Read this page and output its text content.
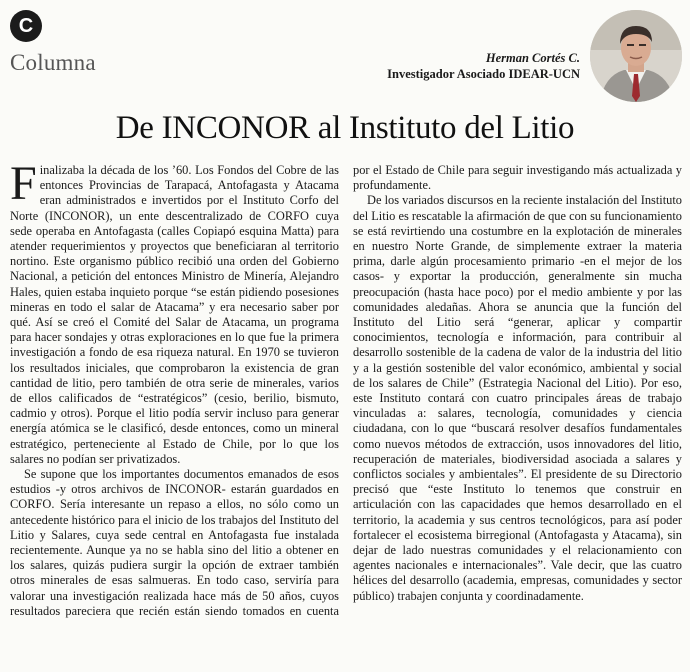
C
Columna	Herman Cortés C.
Investigador Asociado IDEAR-UCN
De INCONOR al Instituto del Litio

Finalizaba la década de los ’60. Los Fondos del Cobre de las entonces Provincias de Tarapacá, Antofagasta y Atacama eran administrados e invertidos por el Instituto Corfo del Norte (INCONOR), un ente descentralizado de CORFO cuya sede operaba en Antofagasta (calles Copiapó esquina Matta) para atender requerimientos y proyectos que beneficiaran al territorio nortino. Este organismo público recibió una orden del Gobierno Nacional, a petición del entonces Ministro de Minería, Alejandro Hales, quien estaba inquieto porque “se están pidiendo posesiones mineras en todo el salar de Atacama” y era necesario saber por qué. Así se creó el Comité del Salar de Atacama, un programa para hacer sondajes y otras exploraciones en lo que fue la primera investigación a fondo de esa riqueza natural. En 1970 se tuvieron los resultados iniciales, que comprobaron la existencia de gran cantidad de litio, pero también de otra serie de minerales, varios de ellos calificados de “estratégicos” (cesio, berilio, bismuto, cadmio y otros). Porque el litio podía servir incluso para generar energía atómica se le clasificó, desde entonces, como un mineral estratégico, perteneciente al Estado de Chile, por lo que los salares no podían ser privatizados.

Se supone que los importantes documentos emanados de esos estudios -y otros archivos de INCONOR- estarán guardados en CORFO. Sería interesante un repaso a ellos, no sólo como un antecedente histórico para el inicio de los trabajos del Instituto del Litio y Salares, cuya sede central en Antofagasta fue instalada recientemente. Aunque ya no se habla sino del litio a obtener en los salares, quizás pudiera surgir la opción de extraer también otros minerales de esas salmueras. En todo caso, serviría para valorar una investigación realizada hace más de 50 años, cuyos resultados pareciera que recién están siendo tomados en cuenta por el Estado de Chile para seguir investigando más actualizada y profundamente.

De los variados discursos en la reciente instalación del Instituto del Litio es rescatable la afirmación de que con su funcionamiento se está revirtiendo una costumbre en la explotación de minerales en nuestro Norte Grande, de simplemente extraer la materia prima, darle algún procesamiento primario -en el mejor de los casos- y exportar la producción, generalmente sin mucha preocupación (hasta hace poco) por el medio ambiente y por las comunidades aledañas. Ahora se anuncia que la función del Instituto del Litio será “generar, aplicar y compartir conocimientos, tecnología e información, para contribuir al desarrollo sostenible de la cadena de valor de la industria del litio y a la gestión sostenible del valor económico, ambiental y social de los salares de Chile” (Estrategia Nacional del Litio). Por eso, este Instituto contará con cuatro principales áreas de trabajo vinculadas a: salares, tecnología, comunidades y ciencia ciudadana, con lo que “buscará resolver desafíos fundamentales como nuevos métodos de extracción, usos innovadores del litio, recuperación de materiales, biodiversidad asociada a salares y conflictos sociales y ambientales”. El presidente de su Directorio precisó que “este Instituto lo tenemos que construir en articulación con las capacidades que hemos desarrollado en el territorio, la academia y sus centros tecnológicos, para así poder fortalecer el ecosistema birregional (Antofagasta y Atacama), sin dejar de lado nuestras comunidades y el relacionamiento con agentes nacionales e internacionales”. Vale decir, que las cuatro hélices del desarrollo (academia, empresas, comunidades y sector público) trabajen conjunta y coordinadamente.
